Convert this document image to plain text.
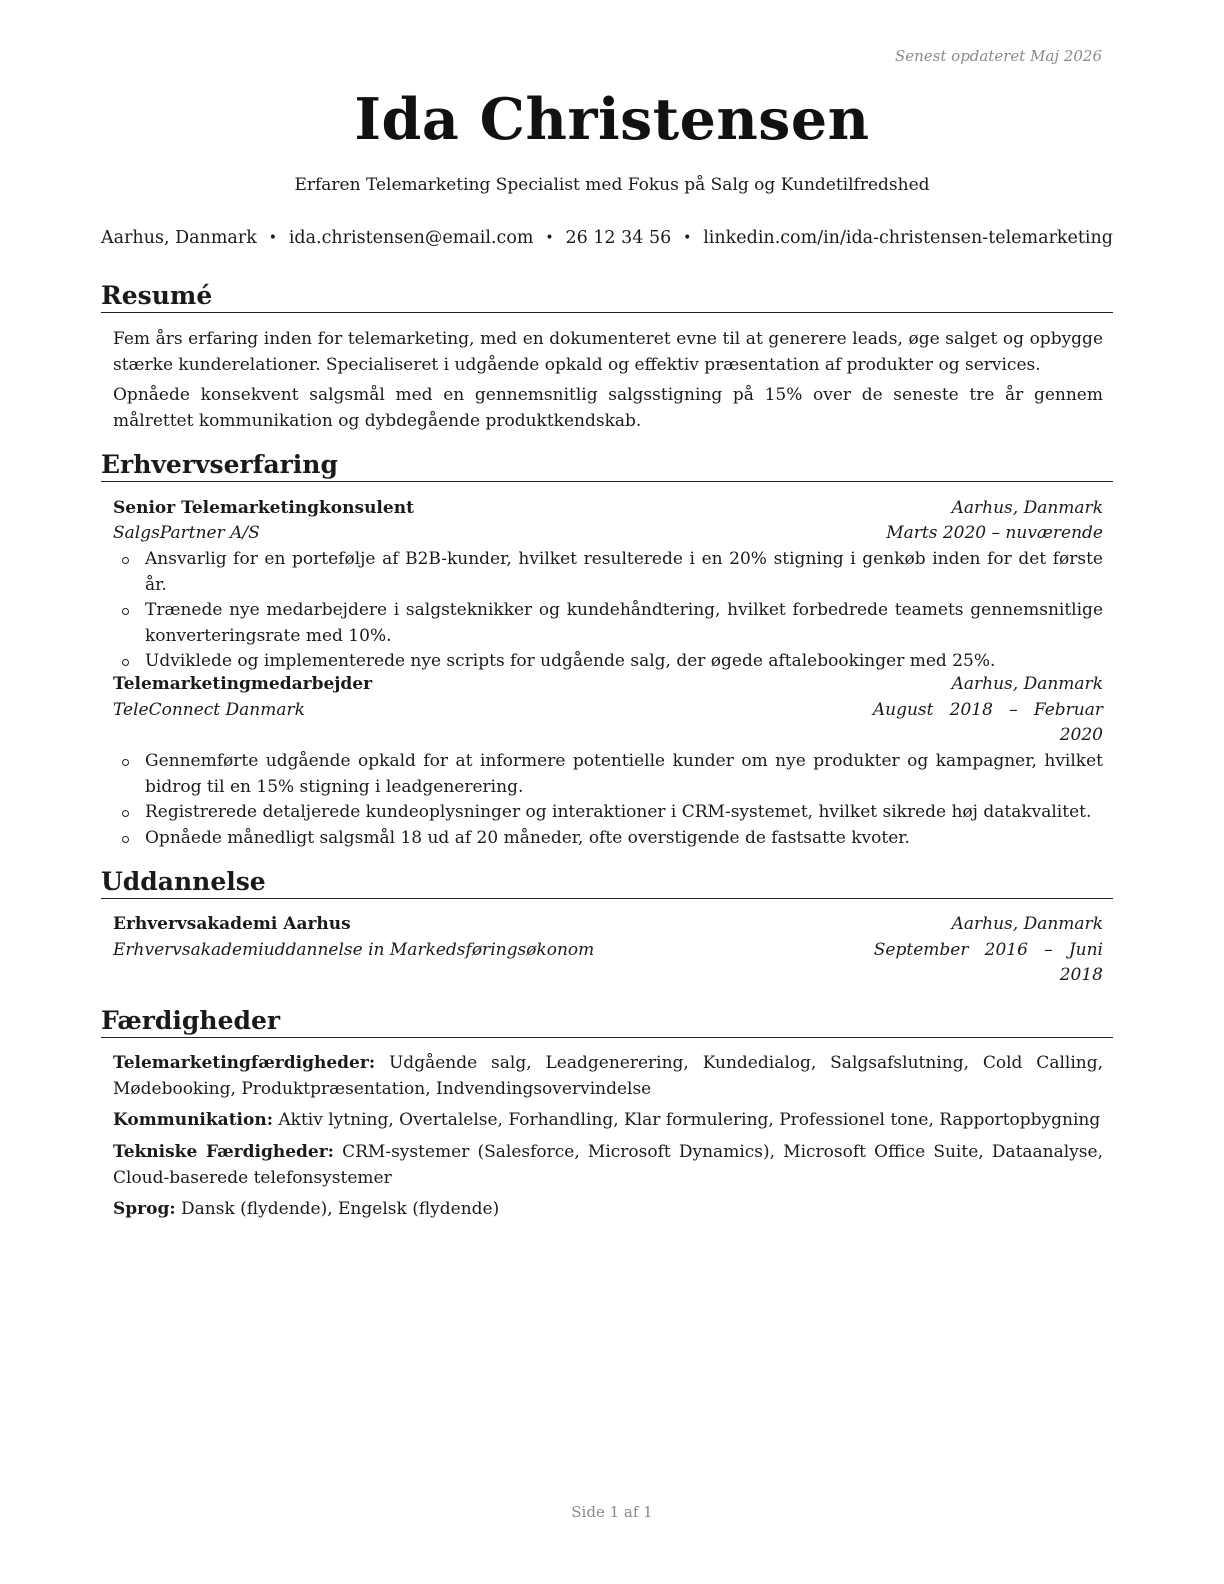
Senest opdateret Maj 2026
Ida Christensen
Erfaren Telemarketing Specialist med Fokus på Salg og Kundetilfredshed
Aarhus, Danmark • ida.christensen@email.com • 26 12 34 56 • linkedin.com/in/ida-christensen-telemarketing
Resumé
Fem års erfaring inden for telemarketing, med en dokumenteret evne til at generere leads, øge salget og opbygge stærke kunderelationer. Specialiseret i udgående opkald og effektiv præsentation af produkter og services.
Opnåede konsekvent salgsmål med en gennemsnitlig salgsstigning på 15% over de seneste tre år gennem målrettet kommunikation og dybdegående produktkendskab.
Erhvervserfaring
Senior Telemarketingkonsulent	Aarhus, Danmark
SalgsPartner A/S	Marts 2020 – nuværende
Ansvarlig for en portefølje af B2B-kunder, hvilket resulterede i en 20% stigning i genkøb inden for det første år.
Trænede nye medarbejdere i salgsteknikker og kundehåndtering, hvilket forbedrede teamets gennemsnitlige konverteringsrate med 10%.
Udviklede og implementerede nye scripts for udgående salg, der øgede aftalebookinger med 25%.
Telemarketingmedarbejder	Aarhus, Danmark
TeleConnect Danmark	August   2018   –   Februar
2020
Gennemførte udgående opkald for at informere potentielle kunder om nye produkter og kampagner, hvilket bidrog til en 15% stigning i leadgenerering.
Registrerede detaljerede kundeoplysninger og interaktioner i CRM-systemet, hvilket sikrede høj datakvalitet.
Opnåede månedligt salgsmål 18 ud af 20 måneder, ofte overstigende de fastsatte kvoter.
Uddannelse
Erhvervsakademi Aarhus	Aarhus, Danmark
Erhvervsakademiuddannelse in Markedsføringsøkonom	September   2016   –   Juni
2018
Færdigheder
Telemarketingfærdigheder: Udgående salg, Leadgenerering, Kundedialog, Salgsafslutning, Cold Calling, Mødebooking, Produktpræsentation, Indvendingsovervindelse
Kommunikation: Aktiv lytning, Overtalelse, Forhandling, Klar formulering, Professionel tone, Rapportopbygning
Tekniske Færdigheder: CRM-systemer (Salesforce, Microsoft Dynamics), Microsoft Office Suite, Dataanalyse, Cloud-baserede telefonsystemer
Sprog: Dansk (flydende), Engelsk (flydende)
Side 1 af 1
